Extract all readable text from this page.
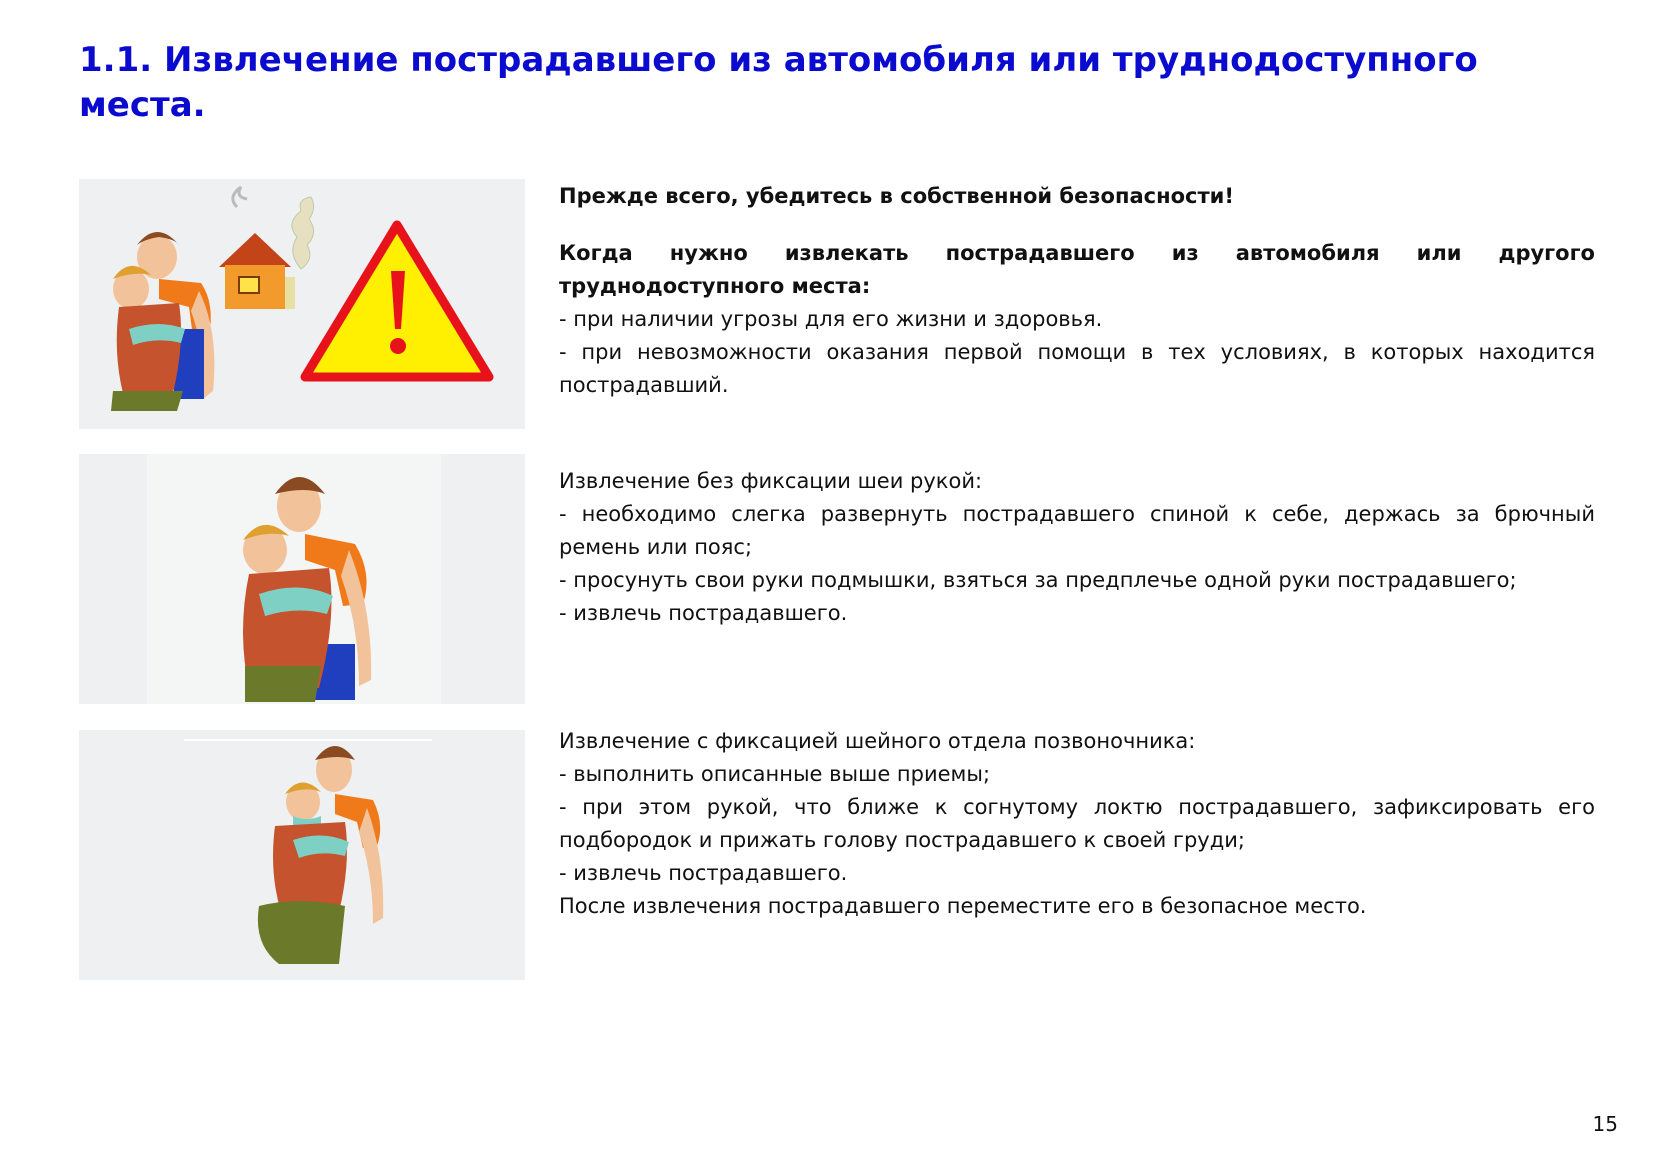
1.1. Извлечение пострадавшего из автомобиля или труднодоступного места.

Прежде всего, убедитесь в собственной безопасности!

Когда нужно извлекать пострадавшего из автомобиля или другого труднодоступного места:

- при наличии угрозы для его жизни и здоровья.

- при невозможности оказания первой помощи в тех условиях, в которых находится пострадавший.

Извлечение без фиксации шеи рукой:

- необходимо слегка развернуть пострадавшего спиной к себе, держась за брючный ремень или пояс;

- просунуть свои руки подмышки, взяться за предплечье одной руки пострадавшего;

- извлечь пострадавшего.

Извлечение с фиксацией шейного отдела позвоночника:

- выполнить описанные выше приемы;

- при этом рукой, что ближе к согнутому локтю пострадавшего, зафиксировать его подбородок и прижать голову пострадавшего к своей груди;

- извлечь пострадавшего.

После извлечения пострадавшего переместите его в безопасное место.

15
